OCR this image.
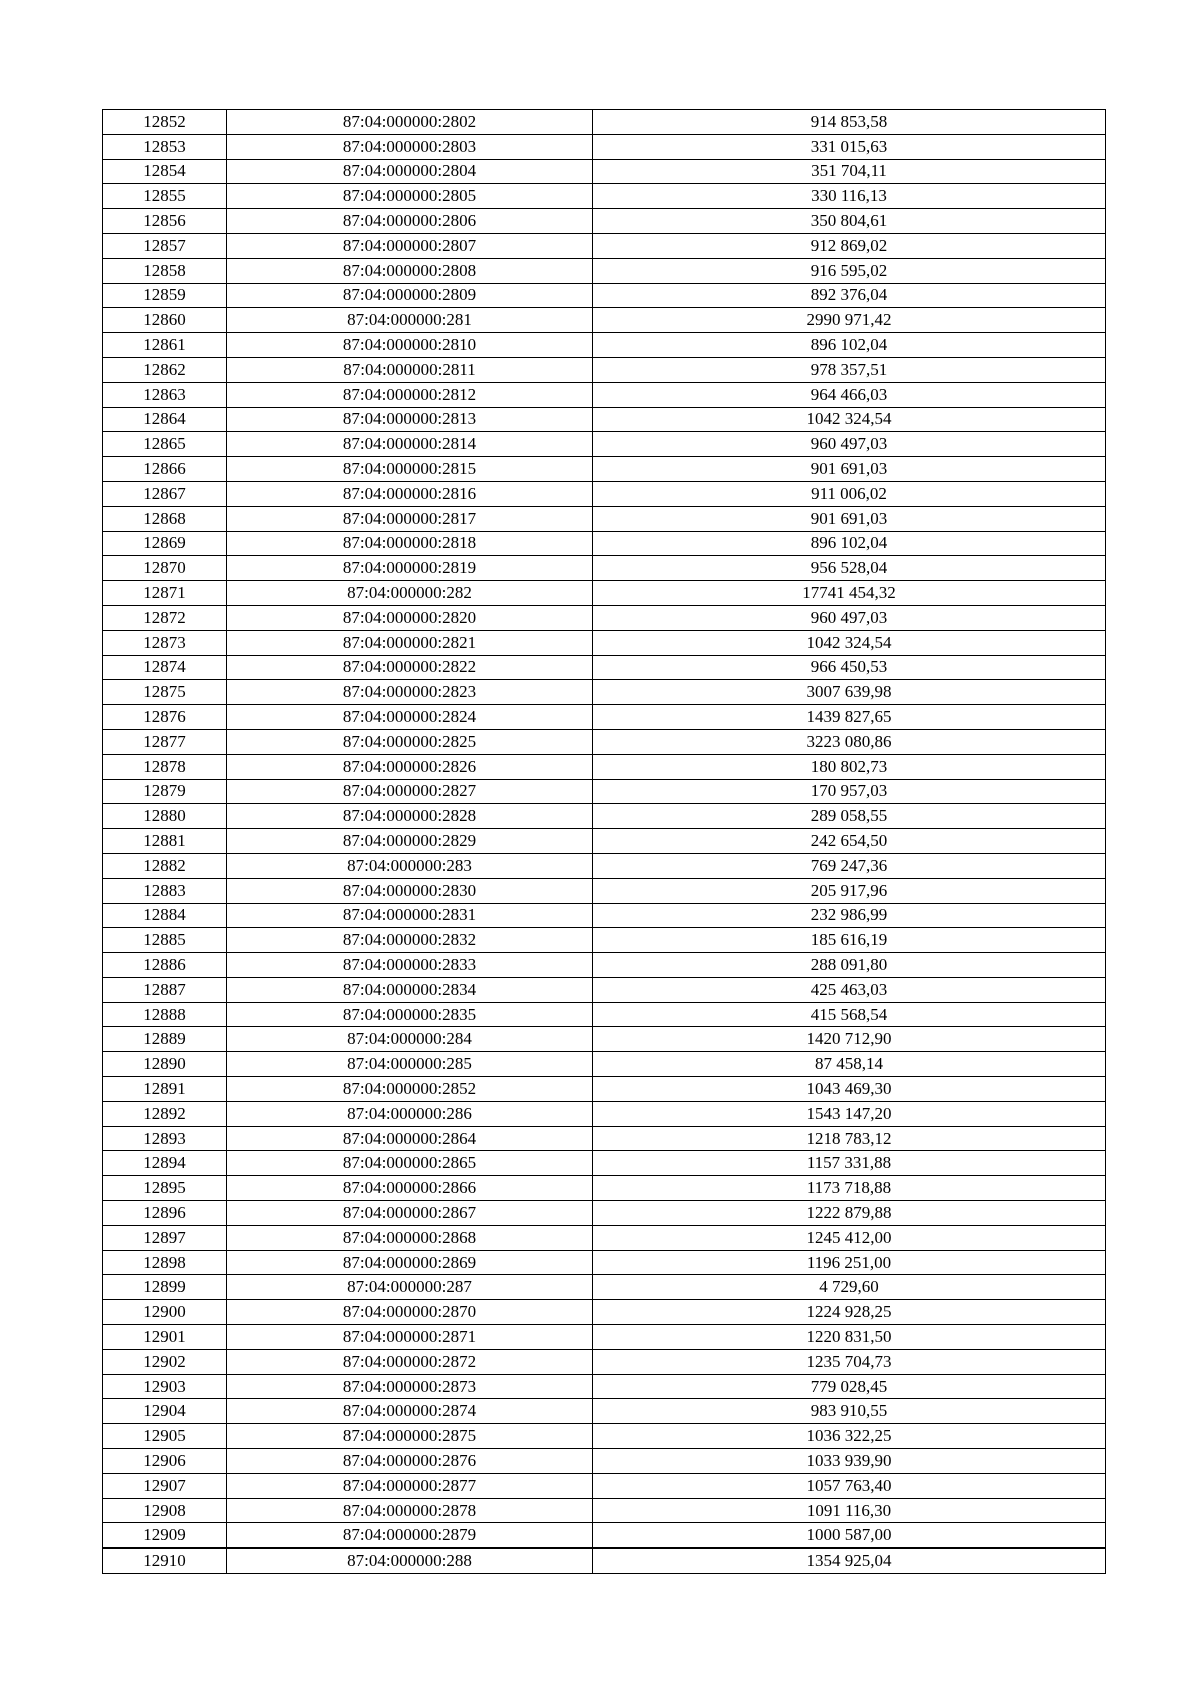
12852	87:04:000000:2802	914 853,58
12853	87:04:000000:2803	331 015,63
12854	87:04:000000:2804	351 704,11
12855	87:04:000000:2805	330 116,13
12856	87:04:000000:2806	350 804,61
12857	87:04:000000:2807	912 869,02
12858	87:04:000000:2808	916 595,02
12859	87:04:000000:2809	892 376,04
12860	87:04:000000:281	2990 971,42
12861	87:04:000000:2810	896 102,04
12862	87:04:000000:2811	978 357,51
12863	87:04:000000:2812	964 466,03
12864	87:04:000000:2813	1042 324,54
12865	87:04:000000:2814	960 497,03
12866	87:04:000000:2815	901 691,03
12867	87:04:000000:2816	911 006,02
12868	87:04:000000:2817	901 691,03
12869	87:04:000000:2818	896 102,04
12870	87:04:000000:2819	956 528,04
12871	87:04:000000:282	17741 454,32
12872	87:04:000000:2820	960 497,03
12873	87:04:000000:2821	1042 324,54
12874	87:04:000000:2822	966 450,53
12875	87:04:000000:2823	3007 639,98
12876	87:04:000000:2824	1439 827,65
12877	87:04:000000:2825	3223 080,86
12878	87:04:000000:2826	180 802,73
12879	87:04:000000:2827	170 957,03
12880	87:04:000000:2828	289 058,55
12881	87:04:000000:2829	242 654,50
12882	87:04:000000:283	769 247,36
12883	87:04:000000:2830	205 917,96
12884	87:04:000000:2831	232 986,99
12885	87:04:000000:2832	185 616,19
12886	87:04:000000:2833	288 091,80
12887	87:04:000000:2834	425 463,03
12888	87:04:000000:2835	415 568,54
12889	87:04:000000:284	1420 712,90
12890	87:04:000000:285	87 458,14
12891	87:04:000000:2852	1043 469,30
12892	87:04:000000:286	1543 147,20
12893	87:04:000000:2864	1218 783,12
12894	87:04:000000:2865	1157 331,88
12895	87:04:000000:2866	1173 718,88
12896	87:04:000000:2867	1222 879,88
12897	87:04:000000:2868	1245 412,00
12898	87:04:000000:2869	1196 251,00
12899	87:04:000000:287	4 729,60
12900	87:04:000000:2870	1224 928,25
12901	87:04:000000:2871	1220 831,50
12902	87:04:000000:2872	1235 704,73
12903	87:04:000000:2873	779 028,45
12904	87:04:000000:2874	983 910,55
12905	87:04:000000:2875	1036 322,25
12906	87:04:000000:2876	1033 939,90
12907	87:04:000000:2877	1057 763,40
12908	87:04:000000:2878	1091 116,30
12909	87:04:000000:2879	1000 587,00
12910	87:04:000000:288	1354 925,04
